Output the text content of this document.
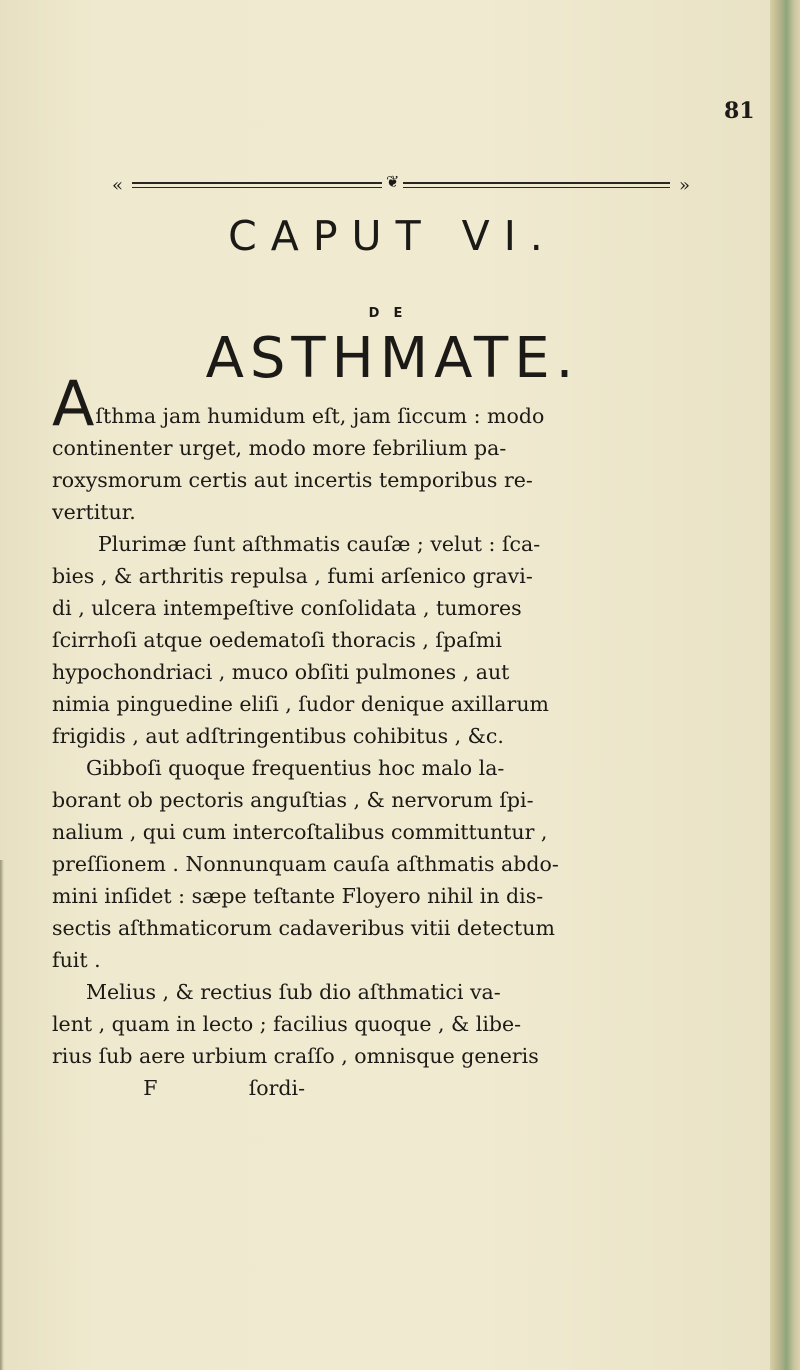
81
«	❦	»
CAPUT VI.
DE
ASTHMATE.
Aſthma jam humidum eſt, jam ſiccum : modo
continenter urget, modo more febrilium pa-
roxysmorum certis aut incertis temporibus re-
vertitur.
Plurimæ ſunt aſthmatis cauſæ ; velut : ſca-
bies , & arthritis repulsa , fumi arſenico gravi-
di , ulcera intempeſtive conſolidata , tumores
ſcirrhoſi atque oedematoſi thoracis , ſpaſmi
hypochondriaci , muco obſiti pulmones , aut
nimia pinguedine eliſi , ſudor denique axillarum
frigidis , aut adſtringentibus cohibitus , &c.
Gibboſi quoque frequentius hoc malo la-
borant ob pectoris anguſtias , & nervorum ſpi-
nalium , qui cum intercoſtalibus committuntur ,
preſſionem . Nonnunquam cauſa aſthmatis abdo-
mini inſidet : sæpe teſtante Floyero nihil in dis-
sectis aſthmaticorum cadaveribus vitii detectum
fuit .
Melius , & rectius ſub dio aſthmatici va-
lent , quam in lecto ; facilius quoque , & libe-
rius ſub aere urbium craſſo , omnisque generis
F	ſordi-
